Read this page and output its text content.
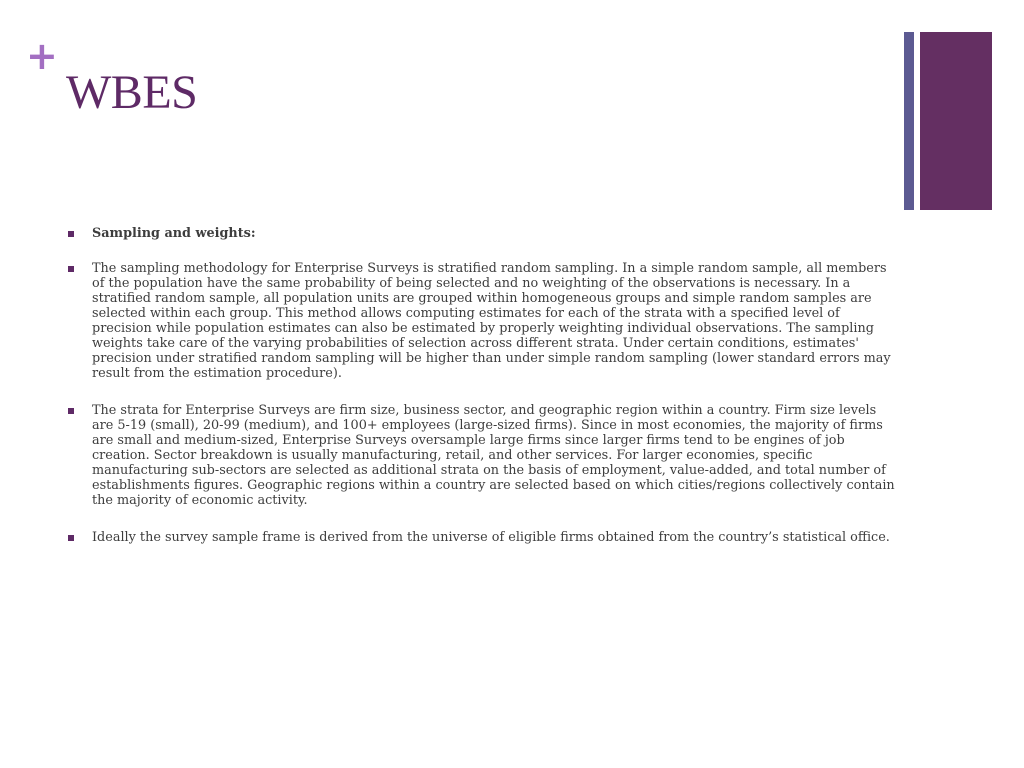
+
WBES
Sampling and weights:
The sampling methodology for Enterprise Surveys is stratified random sampling. In a simple random sample, all members of the population have the same probability of being selected and no weighting of the observations is necessary. In a stratified random sample, all population units are grouped within homogeneous groups and simple random samples are selected within each group. This method allows computing estimates for each of the strata with a specified level of precision while population estimates can also be estimated by properly weighting individual observations. The sampling weights take care of the varying probabilities of selection across different strata. Under certain conditions, estimates' precision under stratified random sampling will be higher than under simple random sampling (lower standard errors may result from the estimation procedure).
The strata for Enterprise Surveys are firm size, business sector, and geographic region within a country. Firm size levels are 5-19 (small), 20-99 (medium), and 100+ employees (large-sized firms). Since in most economies, the majority of firms are small and medium-sized, Enterprise Surveys oversample large firms since larger firms tend to be engines of job creation. Sector breakdown is usually manufacturing, retail, and other services. For larger economies, specific manufacturing sub-sectors are selected as additional strata on the basis of employment, value-added, and total number of establishments figures. Geographic regions within a country are selected based on which cities/regions collectively contain the majority of economic activity.
Ideally the survey sample frame is derived from the universe of eligible firms obtained from the country’s statistical office.
